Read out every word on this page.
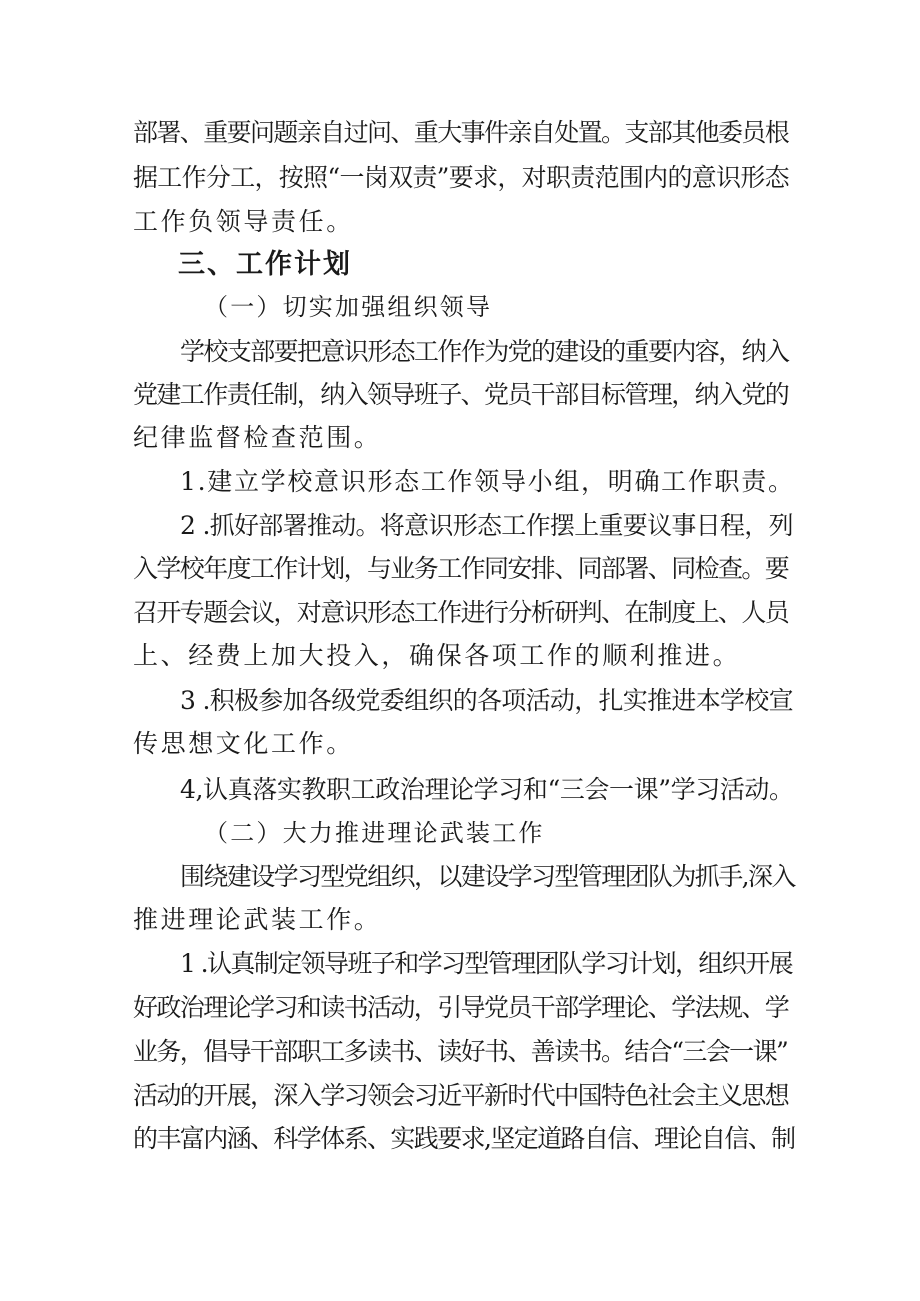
部署、重要问题亲自过问、重大事件亲自处置。支部其他委员根
据工作分工，按照“一岗双责”要求，对职责范围内的意识形态
工作负领导责任。
三、工作计划
（一）切实加强组织领导
学校支部要把意识形态工作作为党的建设的重要内容，纳入
党建工作责任制，纳入领导班子、党员干部目标管理，纳入党的
纪律监督检查范围。
1.建立学校意识形态工作领导小组，明确工作职责。
2 .抓好部署推动。将意识形态工作摆上重要议事日程，列
入学校年度工作计划，与业务工作同安排、同部署、同检查。要
召开专题会议，对意识形态工作进行分析研判、在制度上、人员
上、经费上加大投入，确保各项工作的顺利推进。
3 .积极参加各级党委组织的各项活动，扎实推进本学校宣
传思想文化工作。
4,认真落实教职工政治理论学习和“三会一课”学习活动。
（二）大力推进理论武装工作
围绕建设学习型党组织，以建设学习型管理团队为抓手,深入
推进理论武装工作。
1 .认真制定领导班子和学习型管理团队学习计划，组织开展
好政治理论学习和读书活动，引导党员干部学理论、学法规、学
业务，倡导干部职工多读书、读好书、善读书。结合“三会一课”
活动的开展，深入学习领会习近平新时代中国特色社会主义思想
的丰富内涵、科学体系、实践要求,坚定道路自信、理论自信、制
